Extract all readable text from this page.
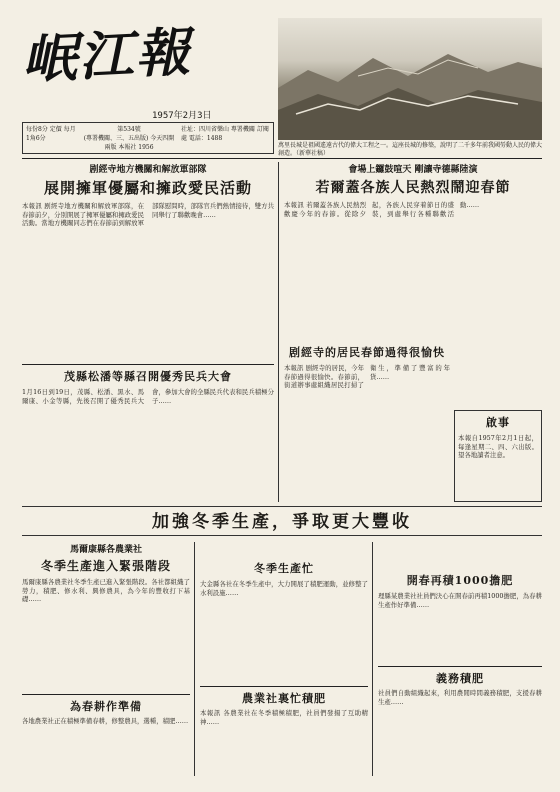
岷江報
1957年2月3日
每份8分 定價 每月1角6分
第534號
(專署機關、三、五出版) 今天四開兩版 本報社 1956
社址：四川省樂山 專署機關 訂閱處 電話：1488
萬里長城是祖國遙遠古代的偉大工程之一。這座長城的修築，說明了二千多年前我國勞動人民的偉大創造。（新華社稿）
剧經寺地方機關和解放軍部隊
展開擁軍優屬和擁政愛民活動
本報訊 剧經寺地方機關和解放軍部隊，在春節前夕，分別開展了擁軍優屬和擁政愛民活動。當地方機關同志們在春節前到解放軍部隊慰問時，部隊官兵們熱情接待，雙方共同舉行了聯歡晚會……
茂縣松潘等縣召開優秀民兵大會
1月16日到19日，茂縣、松潘、黑水、馬爾康、小金等縣，先後召開了優秀民兵大會，參加大會的全縣民兵代表和民兵積極分子……
會場上鑼鼓喧天 剛讓寺德縣陸演
若爾蓋各族人民熱烈鬧迎春節
本報訊 若爾蓋各族人民熱烈歡慶今年的春節。從除夕起，各族人民穿着節日的盛裝，到處舉行各種聯歡活動……
剧經寺的居民春節過得很愉快
本報訊 剧經寺的居民，今年春節過得很愉快。春節前，街道辦事處組織居民打掃了衛生，準備了豐富的年貨……
啟事
本報自1957年2月1日起，每逢星期二、四、六出版。望各地讀者注意。
加強冬季生產，爭取更大豐收
馬爾康縣各農業社
冬季生產進入緊張階段
馬爾康縣各農業社冬季生產已進入緊張階段。各社都組織了勞力，積肥、修水利、興修農具，為今年的豐收打下基礎……
為春耕作準備
各地農業社正在積極準備春耕，修整農具，選種，積肥……
冬季生產忙
大金縣各社在冬季生產中，大力開展了積肥運動，並修整了水利設施……
農業社裏忙積肥
本報訊 各農業社在冬季積極積肥，社員們發揚了互助精神……
開春再積1000擔肥
理縣某農業社社員們決心在開春前再積1000擔肥，為春耕生產作好準備……
義務積肥
社員們自動組織起來，利用農閒時間義務積肥，支援春耕生產……
